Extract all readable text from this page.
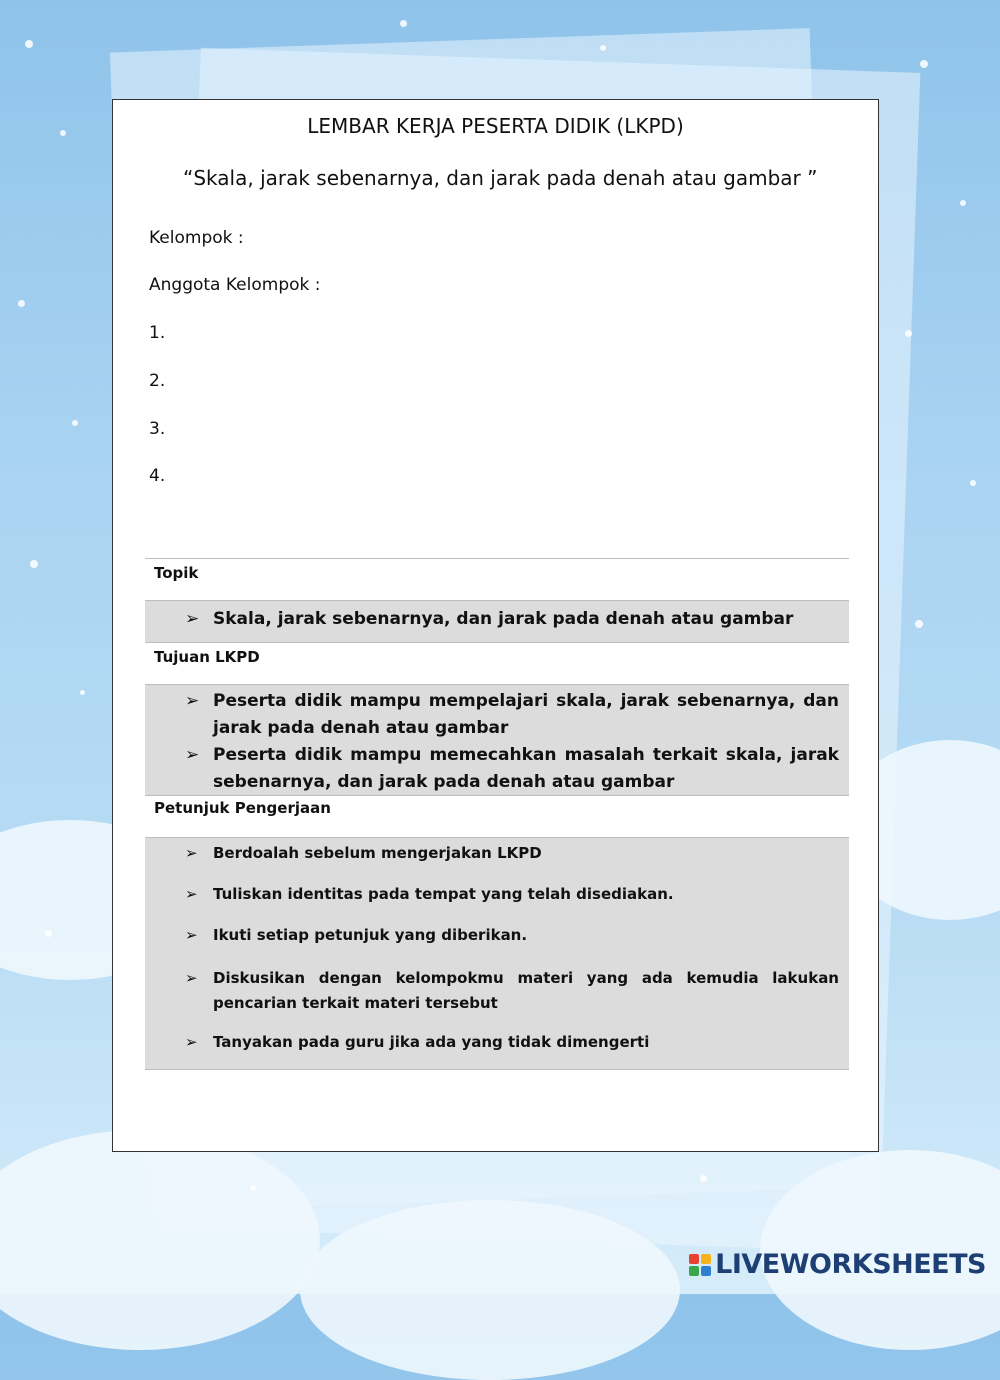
LEMBAR KERJA PESERTA DIDIK (LKPD)
“Skala, jarak sebenarnya, dan jarak pada denah atau gambar ”
Kelompok :
Anggota Kelompok :
1.
2.
3.
4.
Topik
➢ Skala, jarak sebenarnya, dan jarak pada denah atau gambar
Tujuan LKPD
➢ Peserta didik mampu mempelajari skala, jarak sebenarnya, dan jarak pada denah atau gambar
➢ Peserta didik mampu memecahkan masalah terkait skala, jarak sebenarnya, dan jarak pada denah atau gambar
Petunjuk Pengerjaan
➢ Berdoalah sebelum mengerjakan LKPD
➢ Tuliskan identitas pada tempat yang telah disediakan.
➢ Ikuti setiap petunjuk yang diberikan.
➢ Diskusikan dengan kelompokmu materi yang ada kemudia lakukan pencarian terkait materi tersebut
➢ Tanyakan pada guru jika ada yang tidak dimengerti
LIVEWORKSHEETS
